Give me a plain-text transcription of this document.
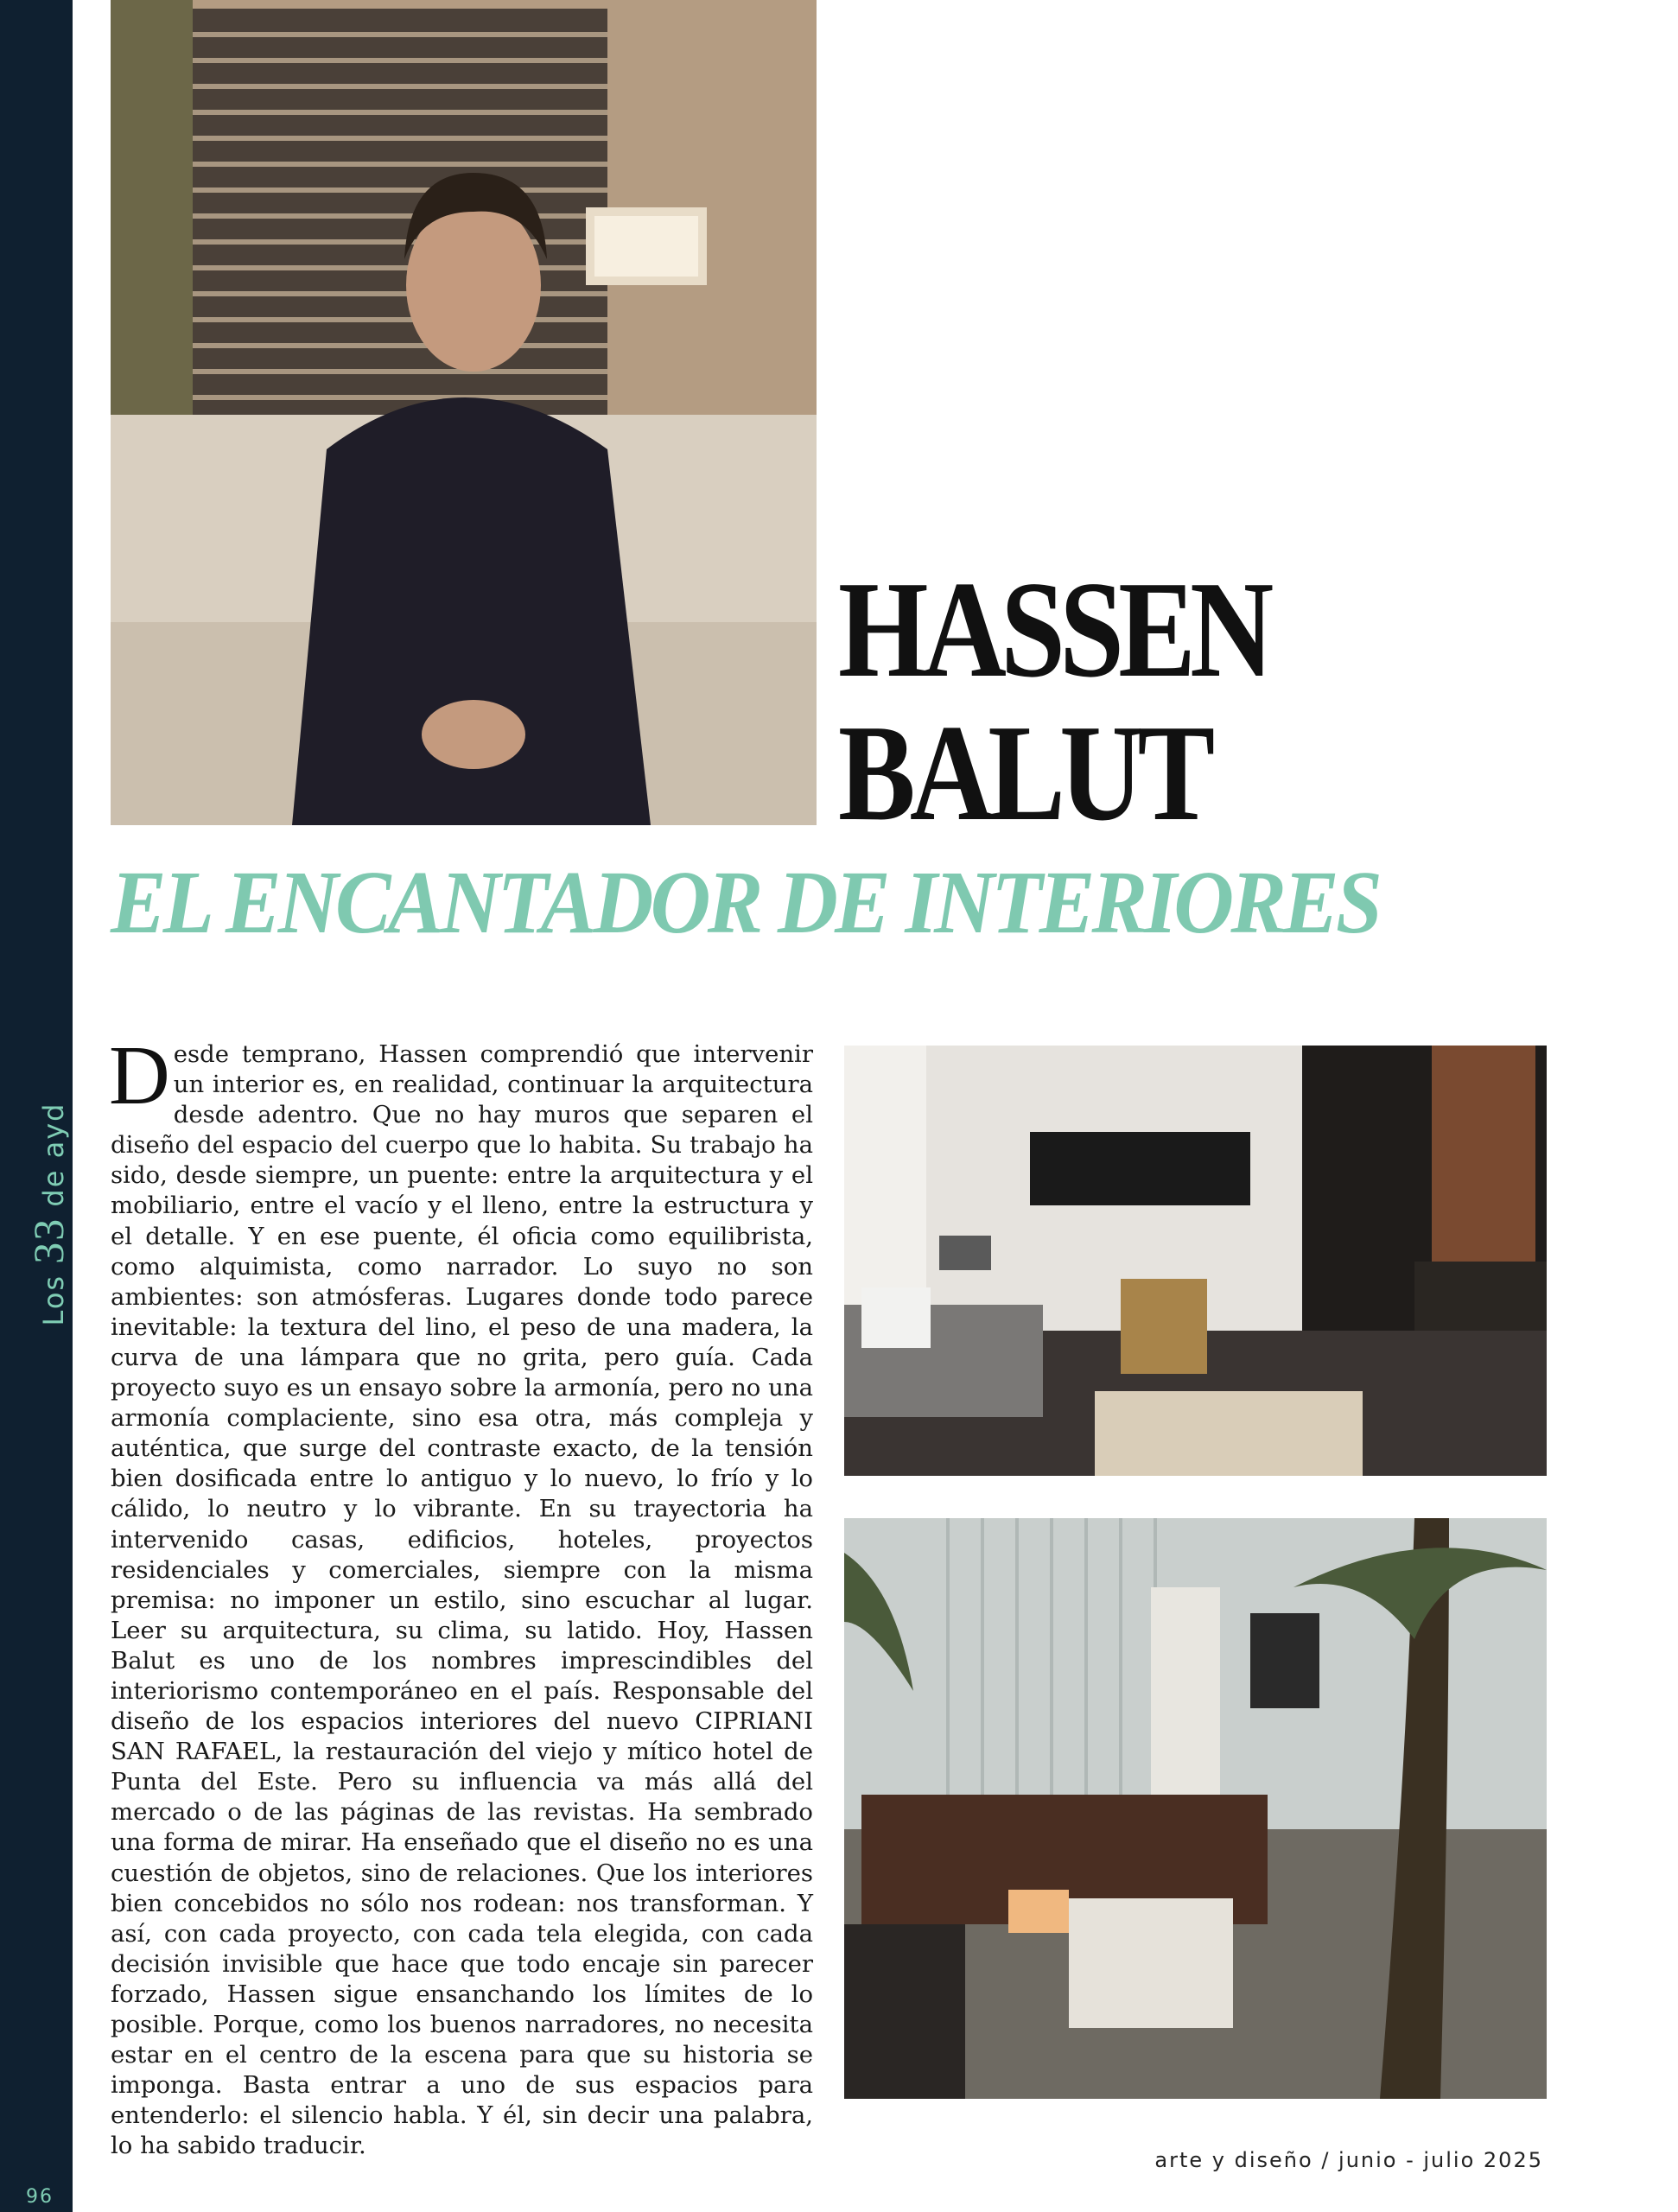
Los 33 de ayd
96
HASSEN
BALUT
EL ENCANTADOR DE INTERIORES

Desde temprano, Hassen comprendió que intervenir un interior es, en realidad, continuar la arquitectura desde adentro. Que no hay muros que separen el diseño del espacio del cuerpo que lo habita. Su trabajo ha sido, desde siempre, un puente: entre la arquitectura y el mobiliario, entre el vacío y el lleno, entre la estructura y el detalle. Y en ese puente, él oficia como equilibrista, como alquimista, como narrador. Lo suyo no son ambientes: son atmósferas. Lugares donde todo parece inevitable: la textura del lino, el peso de una madera, la curva de una lámpara que no grita, pero guía. Cada proyecto suyo es un ensayo sobre la armonía, pero no una armonía complaciente, sino esa otra, más compleja y auténtica, que surge del contraste exacto, de la tensión bien dosificada entre lo antiguo y lo nuevo, lo frío y lo cálido, lo neutro y lo vibrante. En su trayectoria ha intervenido casas, edificios, hoteles, proyectos residenciales y comerciales, siempre con la misma premisa: no imponer un estilo, sino escuchar al lugar. Leer su arquitectura, su clima, su latido. Hoy, Hassen Balut es uno de los nombres imprescindibles del interiorismo contemporáneo en el país. Responsable del diseño de los espacios interiores del nuevo CIPRIANI SAN RAFAEL, la restauración del viejo y mítico hotel de Punta del Este. Pero su influencia va más allá del mercado o de las páginas de las revistas. Ha sembrado una forma de mirar. Ha enseñado que el diseño no es una cuestión de objetos, sino de relaciones. Que los interiores bien concebidos no sólo nos rodean: nos transforman. Y así, con cada proyecto, con cada tela elegida, con cada decisión invisible que hace que todo encaje sin parecer forzado, Hassen sigue ensanchando los límites de lo posible. Porque, como los buenos narradores, no necesita estar en el centro de la escena para que su historia se imponga. Basta entrar a uno de sus espacios para entenderlo: el silencio habla. Y él, sin decir una palabra, lo ha sabido traducir.

arte y diseño / junio - julio 2025
